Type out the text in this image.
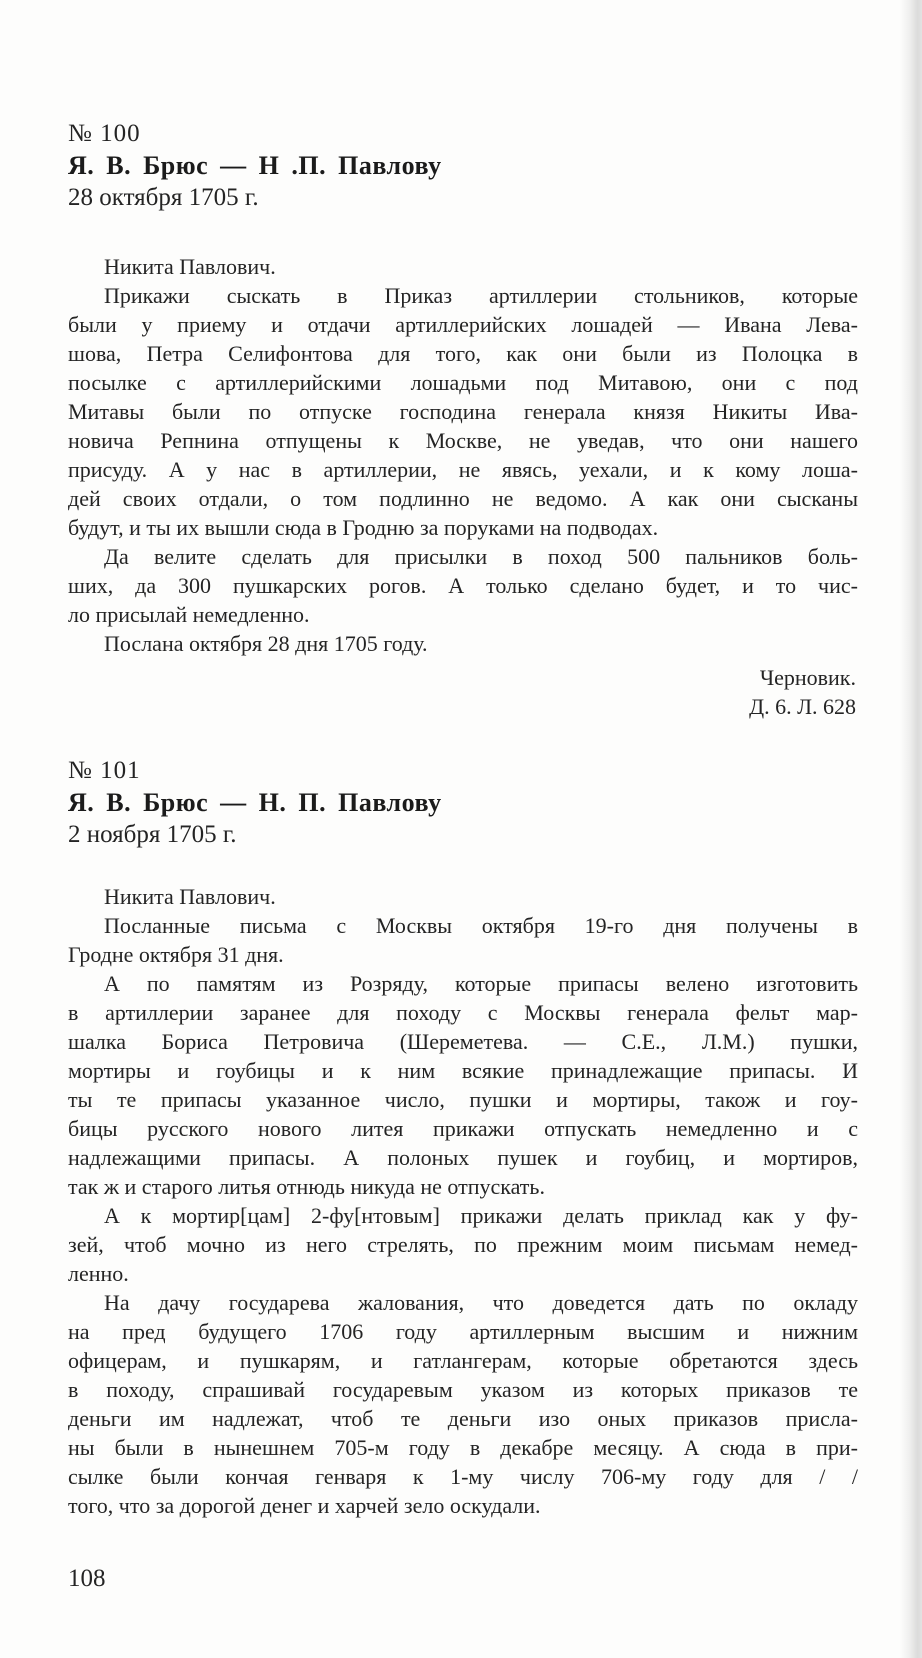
№ 100
Я. В. Брюс — Н .П. Павлову
28 октября 1705 г.
Никита Павлович.
Прикажи сыскать в Приказ артиллерии стольников, которые
были у приему и отдачи артиллерийских лошадей — Ивана Лева-
шова, Петра Селифонтова для того, как они были из Полоцка в
посылке с артиллерийскими лошадьми под Митавою, они с под
Митавы были по отпуске господина генерала князя Никиты Ива-
новича Репнина отпущены к Москве, не уведав, что они нашего
присуду. А у нас в артиллерии, не явясь, уехали, и к кому лоша-
дей своих отдали, о том подлинно не ведомо. А как они сысканы
будут, и ты их вышли сюда в Гродню за поруками на подводах.
Да велите сделать для присылки в поход 500 пальников боль-
ших, да 300 пушкарских рогов. А только сделано будет, и то чис-
ло присылай немедленно.
Послана октября 28 дня 1705 году.
Черновик.
Д. 6. Л. 628
№ 101
Я. В. Брюс — Н. П. Павлову
2 ноября 1705 г.
Никита Павлович.
Посланные письма с Москвы октября 19-го дня получены в
Гродне октября 31 дня.
А по памятям из Розряду, которые припасы велено изготовить
в артиллерии заранее для походу с Москвы генерала фельт мар-
шалка Бориса Петровича (Шереметева. — С.Е., Л.М.) пушки,
мортиры и гоубицы и к ним всякие принадлежащие припасы. И
ты те припасы указанное число, пушки и мортиры, також и гоу-
бицы русского нового литея прикажи отпускать немедленно и с
надлежащими припасы. А полоных пушек и гоубиц, и мортиров,
так ж и старого литья отнюдь никуда не отпускать.
А к мортир[цам] 2-фу[нтовым] прикажи делать приклад как у фу-
зей, чтоб мочно из него стрелять, по прежним моим письмам немед-
ленно.
На дачу государева жалования, что доведется дать по окладу
на пред будущего 1706 году артиллерным высшим и нижним
офицерам, и пушкарям, и гатлангерам, которые обретаются здесь
в походу, спрашивай государевым указом из которых приказов те
деньги им надлежат, чтоб те деньги изо оных приказов присла-
ны были в нынешнем 705-м году в декабре месяцу. А сюда в при-
сылке были кончая генваря к 1-му числу 706-му году для / /
того, что за дорогой денег и харчей зело оскудали.
108
